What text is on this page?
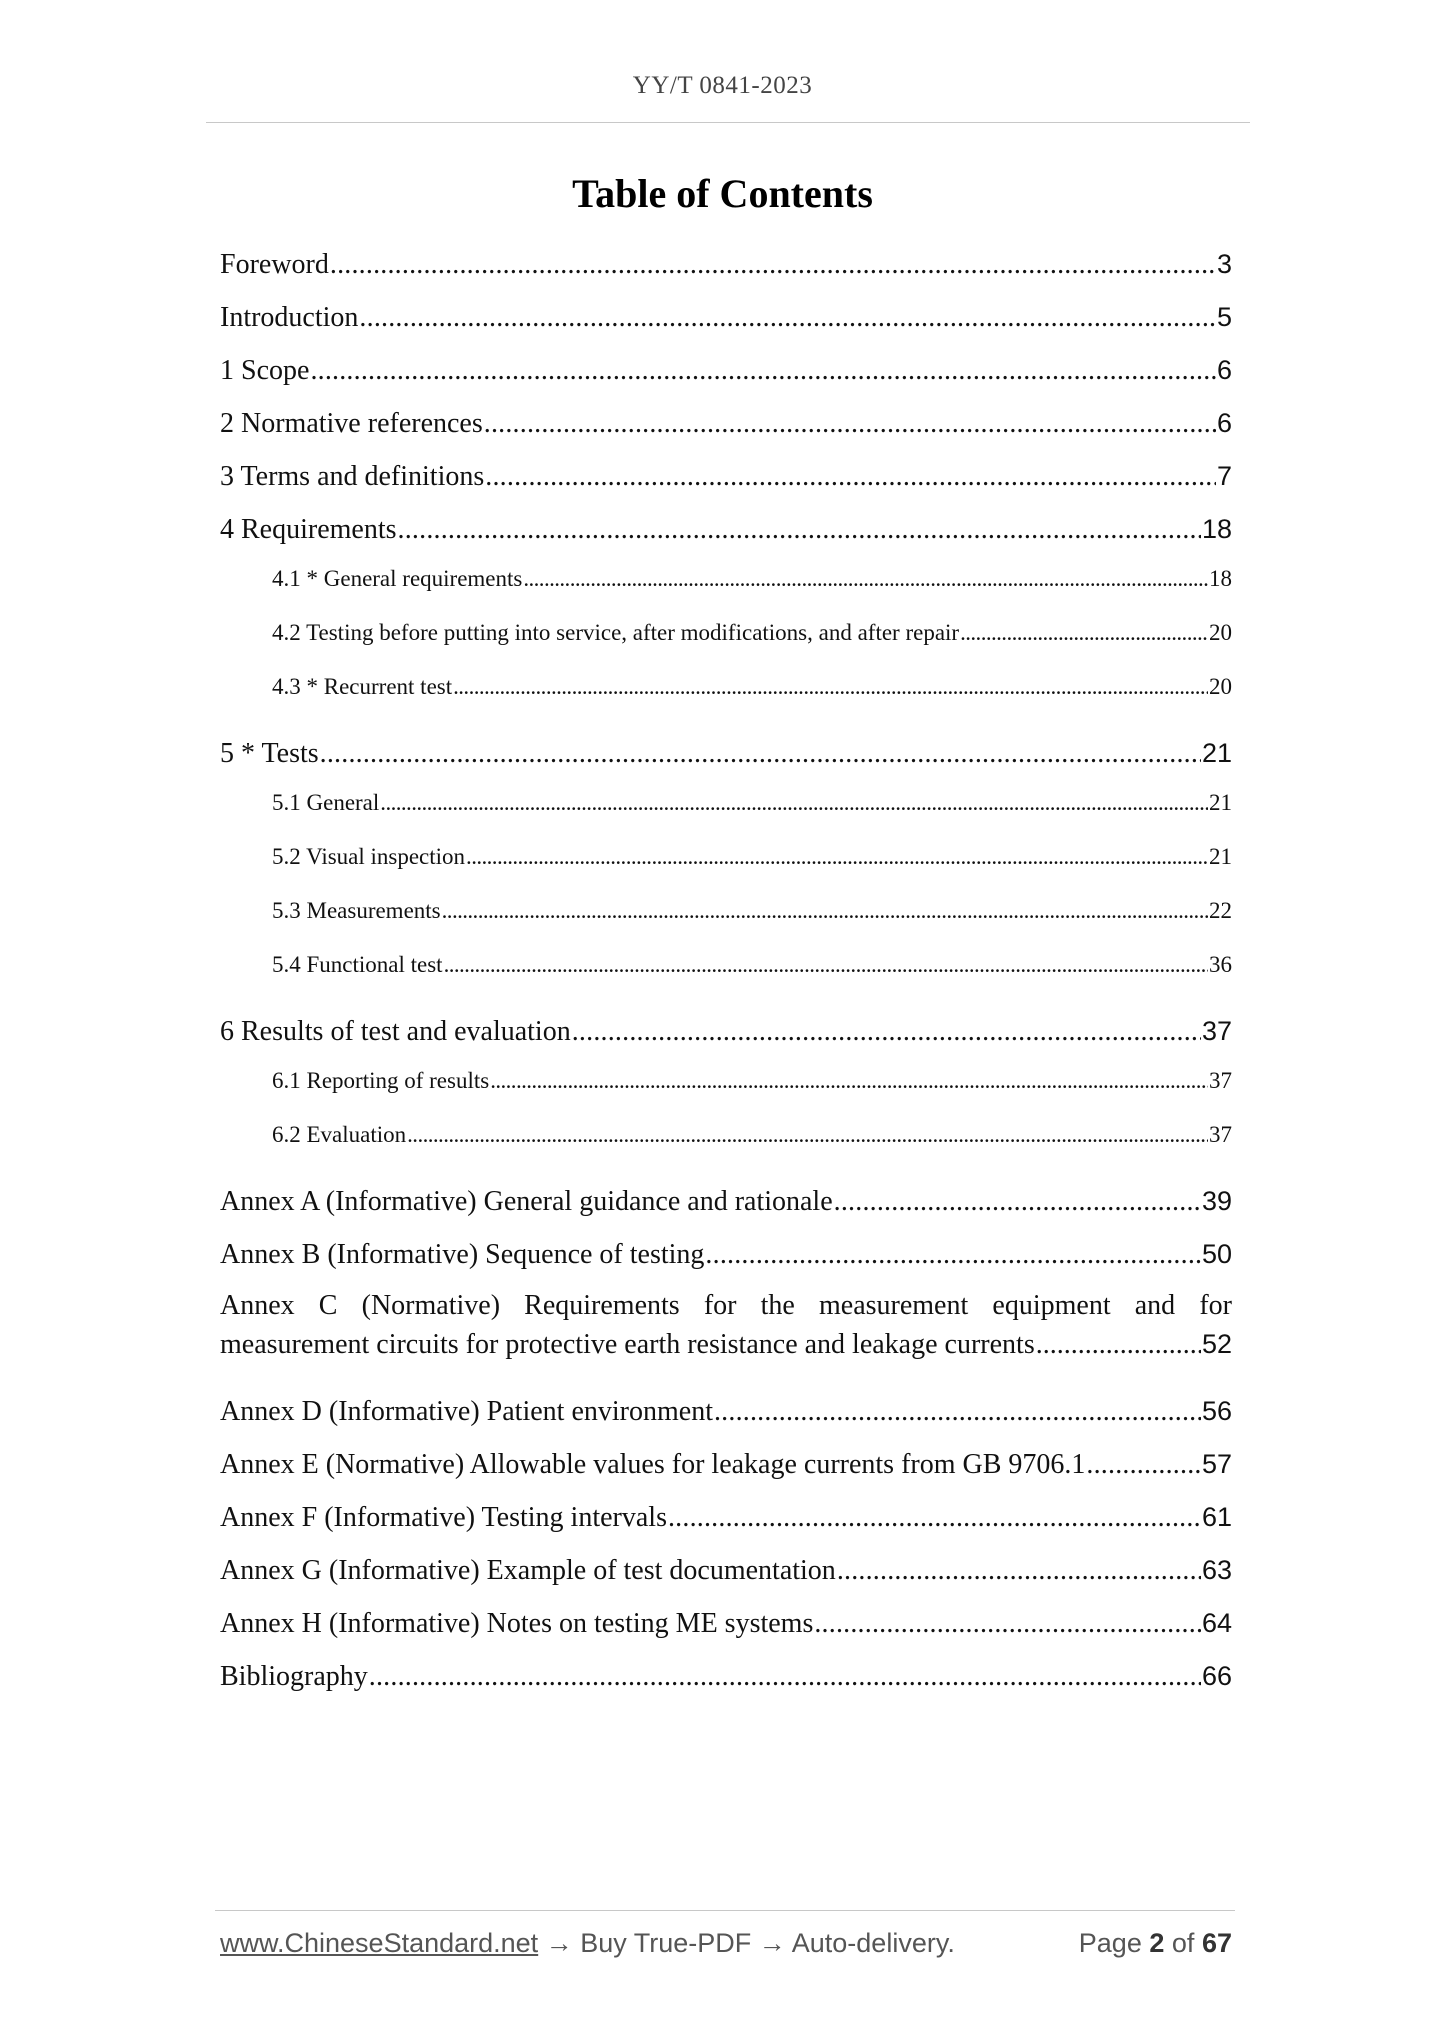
YY/T 0841-2023
Table of Contents
Foreword .....	3
Introduction .....	5
1 Scope .....	6
2 Normative references .....	6
3 Terms and definitions .....	7
4 Requirements .....	18
4.1 * General requirements .....	18
4.2 Testing before putting into service, after modifications, and after repair .....	20
4.3 * Recurrent test .....	20
5 * Tests .....	21
5.1 General .....	21
5.2 Visual inspection .....	21
5.3 Measurements .....	22
5.4 Functional test .....	36
6 Results of test and evaluation .....	37
6.1 Reporting of results .....	37
6.2 Evaluation .....	37
Annex A (Informative) General guidance and rationale .....	39
Annex B (Informative) Sequence of testing .....	50
Annex C (Normative) Requirements for the measurement equipment and for
measurement circuits for protective earth resistance and leakage currents .....	52
Annex D (Informative) Patient environment .....	56
Annex E (Normative) Allowable values for leakage currents from GB 9706.1 .....	57
Annex F (Informative) Testing intervals .....	61
Annex G (Informative) Example of test documentation .....	63
Annex H (Informative) Notes on testing ME systems .....	64
Bibliography .....	66
www.ChineseStandard.net → Buy True-PDF → Auto-delivery.	Page 2 of 67
